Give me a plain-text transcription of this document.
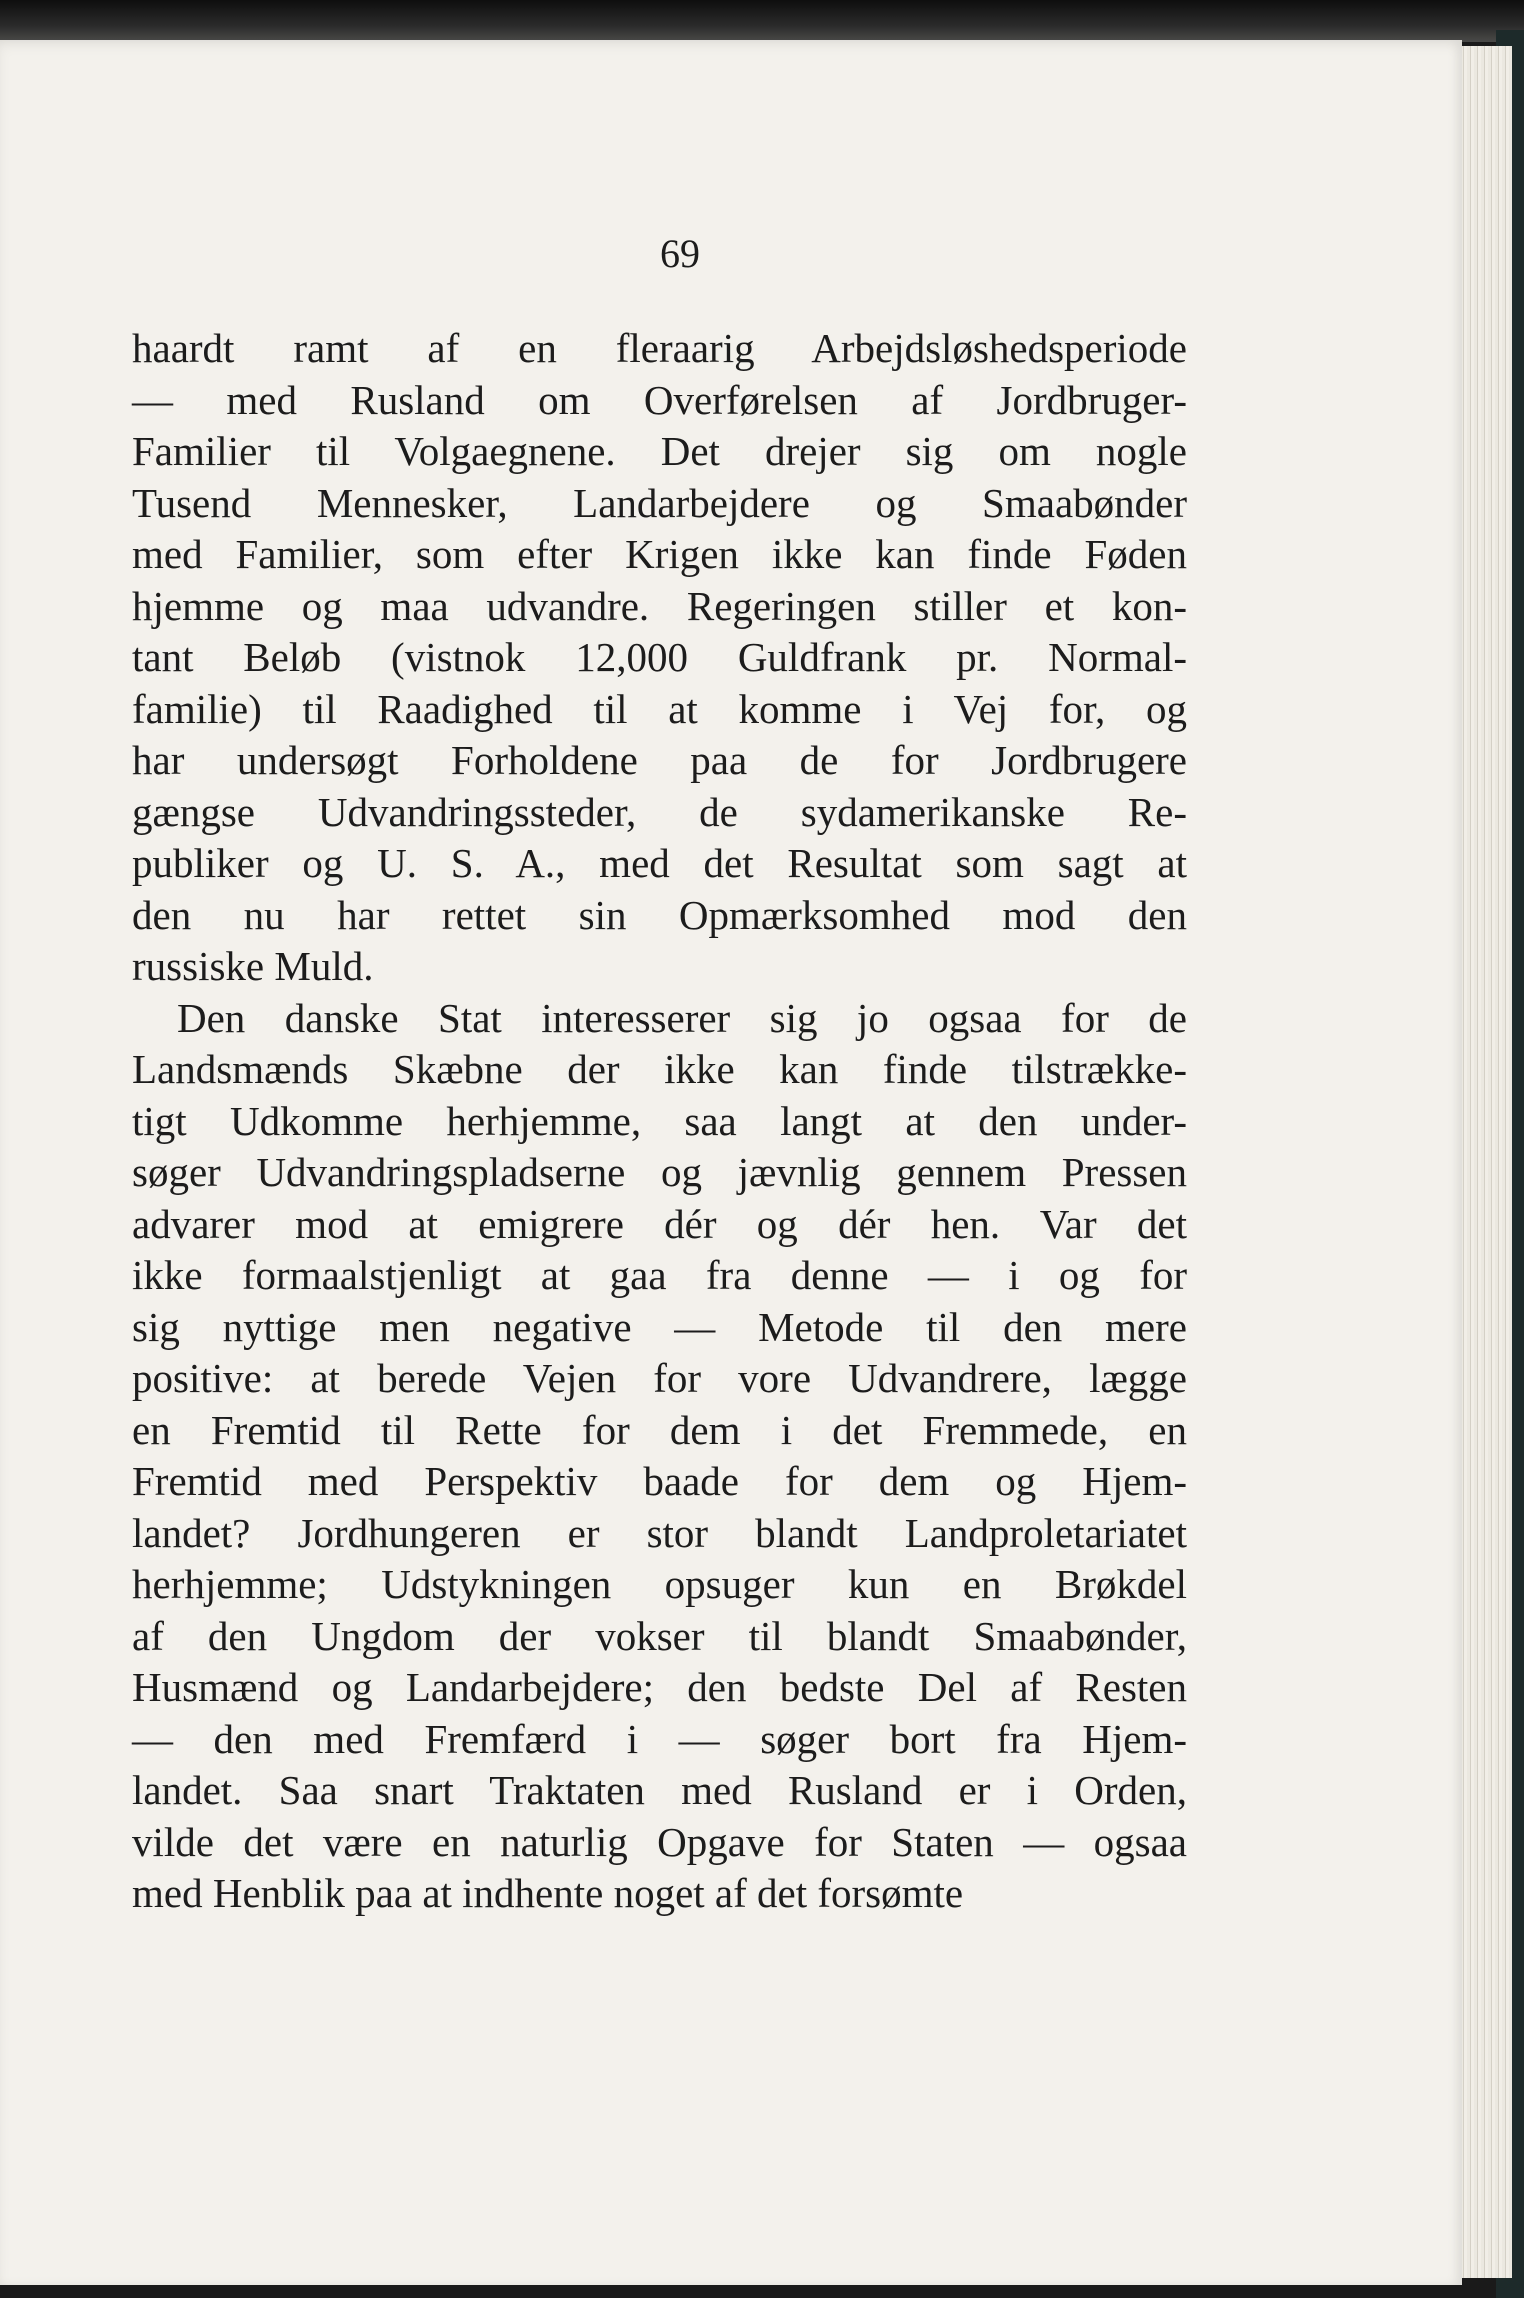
69
haardt ramt af en fleraarig Arbejdsløshedsperiode
— med Rusland om Overførelsen af Jordbruger-
Familier til Volgaegnene. Det drejer sig om nogle
Tusend Mennesker, Landarbejdere og Smaabønder
med Familier, som efter Krigen ikke kan finde Føden
hjemme og maa udvandre. Regeringen stiller et kon-
tant Beløb (vistnok 12,000 Guldfrank pr. Normal-
familie) til Raadighed til at komme i Vej for, og
har undersøgt Forholdene paa de for Jordbrugere
gængse Udvandringssteder, de sydamerikanske Re-
publiker og U. S. A., med det Resultat som sagt at
den nu har rettet sin Opmærksomhed mod den
russiske Muld.
Den danske Stat interesserer sig jo ogsaa for de
Landsmænds Skæbne der ikke kan finde tilstrække-
tigt Udkomme herhjemme, saa langt at den under-
søger Udvandringspladserne og jævnlig gennem Pressen
advarer mod at emigrere dér og dér hen. Var det
ikke formaalstjenligt at gaa fra denne — i og for
sig nyttige men negative — Metode til den mere
positive: at berede Vejen for vore Udvandrere, lægge
en Fremtid til Rette for dem i det Fremmede, en
Fremtid med Perspektiv baade for dem og Hjem-
landet? Jordhungeren er stor blandt Landproletariatet
herhjemme; Udstykningen opsuger kun en Brøkdel
af den Ungdom der vokser til blandt Smaabønder,
Husmænd og Landarbejdere; den bedste Del af Resten
— den med Fremfærd i — søger bort fra Hjem-
landet. Saa snart Traktaten med Rusland er i Orden,
vilde det være en naturlig Opgave for Staten — ogsaa
med Henblik paa at indhente noget af det forsømte
